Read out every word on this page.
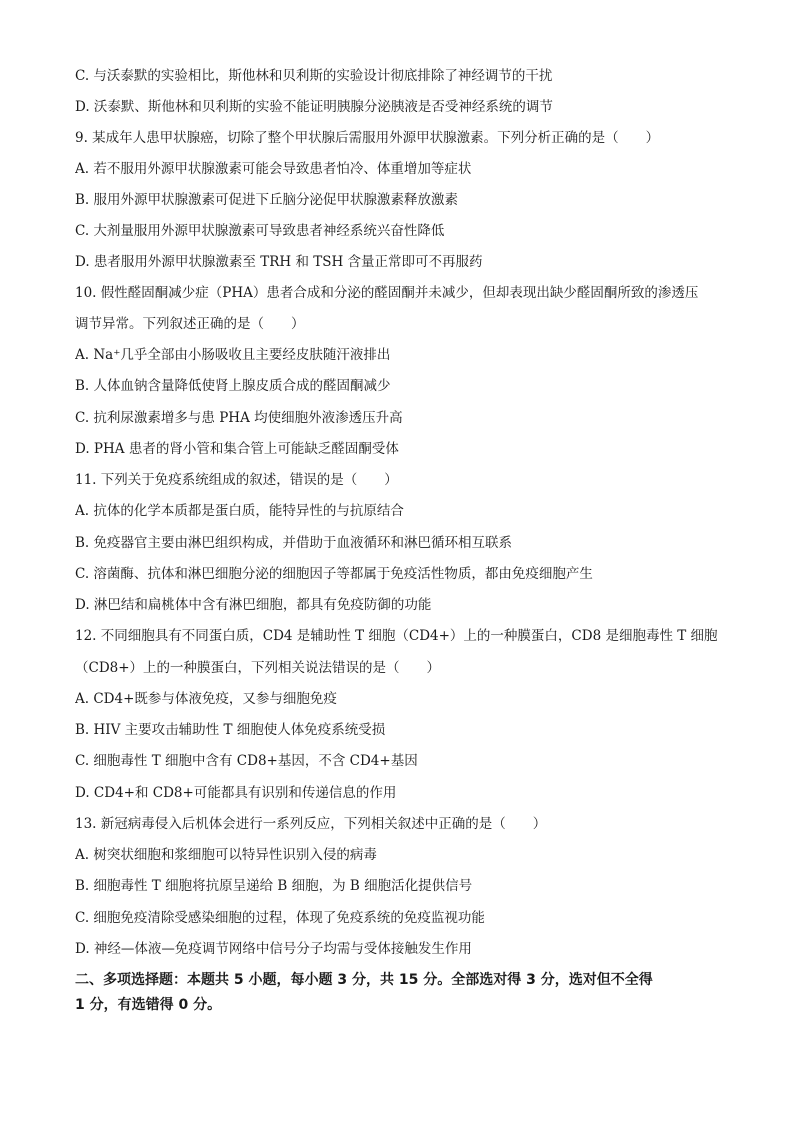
C. 与沃泰默的实验相比，斯他林和贝利斯的实验设计彻底排除了神经调节的干扰
D. 沃泰默、斯他林和贝利斯的实验不能证明胰腺分泌胰液是否受神经系统的调节
9. 某成年人患甲状腺癌，切除了整个甲状腺后需服用外源甲状腺激素。下列分析正确的是（　　）
A. 若不服用外源甲状腺激素可能会导致患者怕冷、体重增加等症状
B. 服用外源甲状腺激素可促进下丘脑分泌促甲状腺激素释放激素
C. 大剂量服用外源甲状腺激素可导致患者神经系统兴奋性降低
D. 患者服用外源甲状腺激素至 TRH 和 TSH 含量正常即可不再服药
10. 假性醛固酮减少症（PHA）患者合成和分泌的醛固酮并未减少，但却表现出缺少醛固酮所致的渗透压
调节异常。下列叙述正确的是（　　）
A. Na⁺几乎全部由小肠吸收且主要经皮肤随汗液排出
B. 人体血钠含量降低使肾上腺皮质合成的醛固酮减少
C. 抗利尿激素增多与患 PHA 均使细胞外液渗透压升高
D. PHA 患者的肾小管和集合管上可能缺乏醛固酮受体
11. 下列关于免疫系统组成的叙述，错误的是（　　）
A. 抗体的化学本质都是蛋白质，能特异性的与抗原结合
B. 免疫器官主要由淋巴组织构成，并借助于血液循环和淋巴循环相互联系
C. 溶菌酶、抗体和淋巴细胞分泌的细胞因子等都属于免疫活性物质，都由免疫细胞产生
D. 淋巴结和扁桃体中含有淋巴细胞，都具有免疫防御的功能
12. 不同细胞具有不同蛋白质，CD4 是辅助性 T 细胞（CD4+）上的一种膜蛋白，CD8 是细胞毒性 T 细胞
（CD8+）上的一种膜蛋白，下列相关说法错误的是（　　）
A. CD4+既参与体液免疫，又参与细胞免疫
B. HIV 主要攻击辅助性 T 细胞使人体免疫系统受损
C. 细胞毒性 T 细胞中含有 CD8+基因，不含 CD4+基因
D. CD4+和 CD8+可能都具有识别和传递信息的作用
13. 新冠病毒侵入后机体会进行一系列反应，下列相关叙述中正确的是（　　）
A. 树突状细胞和浆细胞可以特异性识别入侵的病毒
B. 细胞毒性 T 细胞将抗原呈递给 B 细胞，为 B 细胞活化提供信号
C. 细胞免疫清除受感染细胞的过程，体现了免疫系统的免疫监视功能
D. 神经—体液—免疫调节网络中信号分子均需与受体接触发生作用
二、多项选择题：本题共 5 小题，每小题 3 分，共 15 分。全部选对得 3 分，选对但不全得
1 分，有选错得 0 分。
